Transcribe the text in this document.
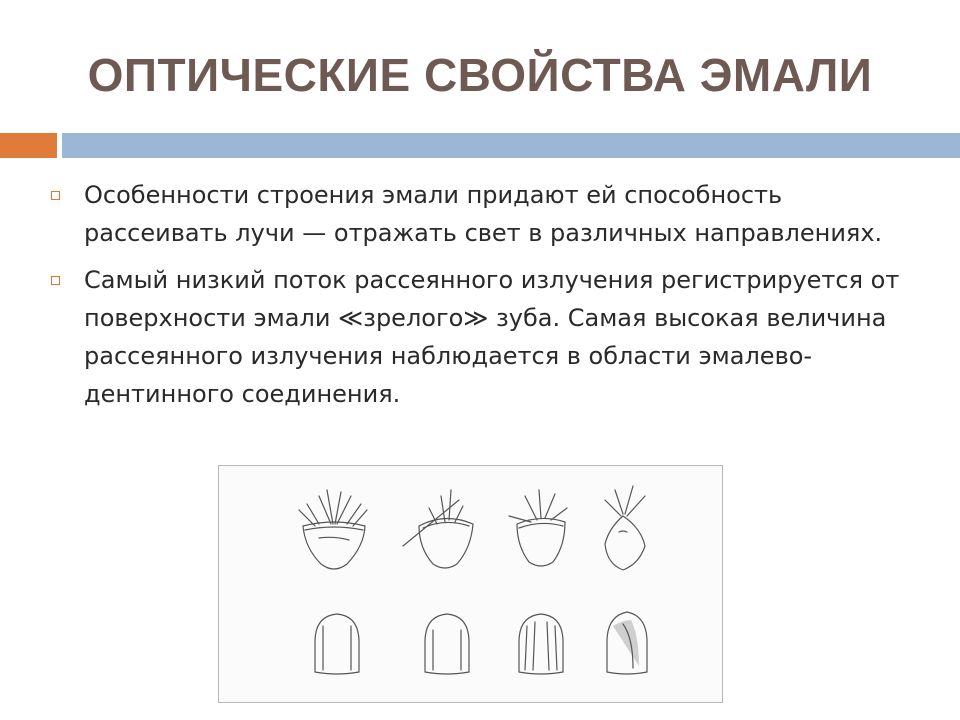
ОПТИЧЕСКИЕ СВОЙСТВА ЭМАЛИ
Особенности строения эмали придают ей способность рассеивать лучи — отражать свет в различных направлениях.
Самый низкий поток рассеянного излучения регистрируется от поверхности эмали ≪зрелого≫ зуба. Самая высокая величина рассеянного излучения наблюдается в области эмалево-дентинного соединения.
